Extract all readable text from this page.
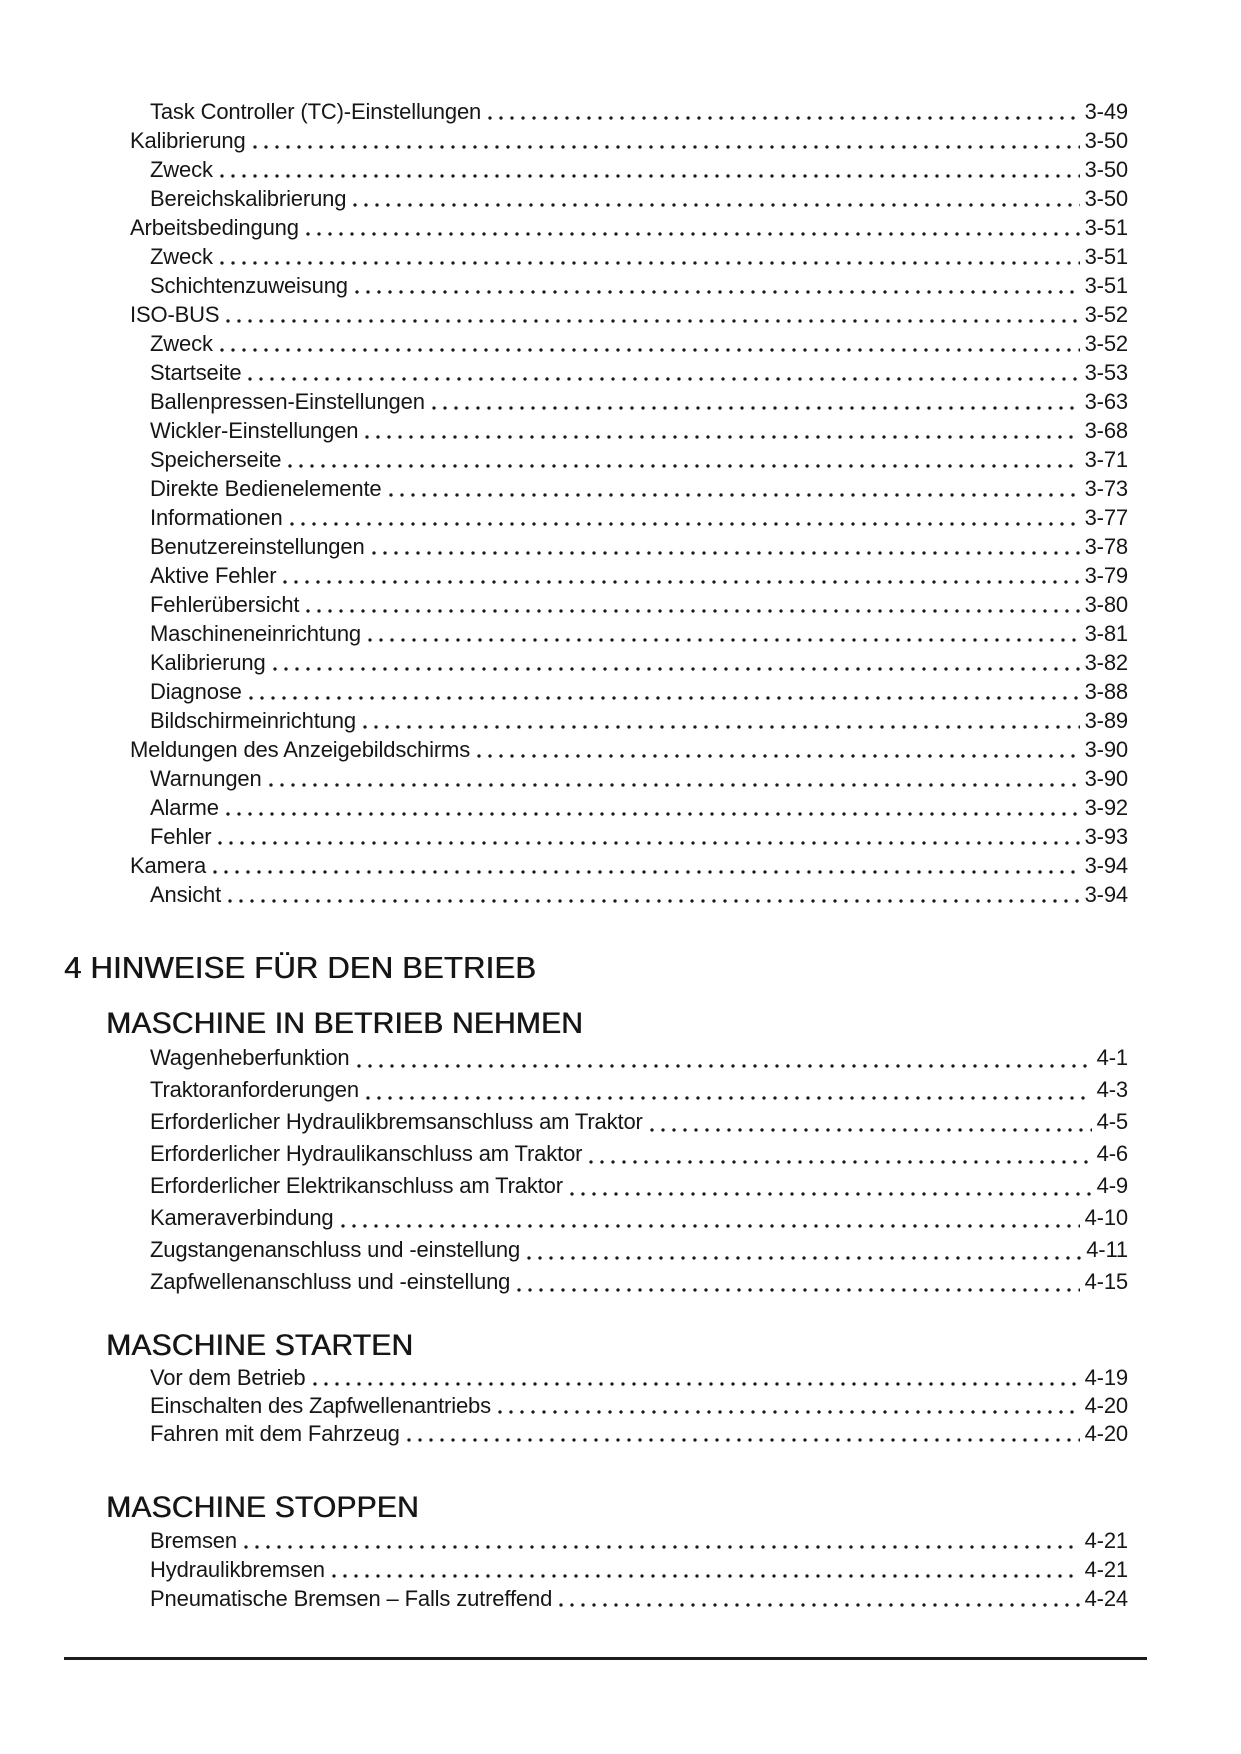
Task Controller (TC)-Einstellungen	3-49
Kalibrierung	3-50
Zweck	3-50
Bereichskalibrierung	3-50
Arbeitsbedingung	3-51
Zweck	3-51
Schichtenzuweisung	3-51
ISO-BUS	3-52
Zweck	3-52
Startseite	3-53
Ballenpressen-Einstellungen	3-63
Wickler-Einstellungen	3-68
Speicherseite	3-71
Direkte Bedienelemente	3-73
Informationen	3-77
Benutzereinstellungen	3-78
Aktive Fehler	3-79
Fehlerübersicht	3-80
Maschineneinrichtung	3-81
Kalibrierung	3-82
Diagnose	3-88
Bildschirmeinrichtung	3-89
Meldungen des Anzeigebildschirms	3-90
Warnungen	3-90
Alarme	3-92
Fehler	3-93
Kamera	3-94
Ansicht	3-94
4 HINWEISE FÜR DEN BETRIEB
MASCHINE IN BETRIEB NEHMEN
Wagenheberfunktion	4-1
Traktoranforderungen	4-3
Erforderlicher Hydraulikbremsanschluss am Traktor	4-5
Erforderlicher Hydraulikanschluss am Traktor	4-6
Erforderlicher Elektrikanschluss am Traktor	4-9
Kameraverbindung	4-10
Zugstangenanschluss und -einstellung	4-11
Zapfwellenanschluss und -einstellung	4-15
MASCHINE STARTEN
Vor dem Betrieb	4-19
Einschalten des Zapfwellenantriebs	4-20
Fahren mit dem Fahrzeug	4-20
MASCHINE STOPPEN
Bremsen	4-21
Hydraulikbremsen	4-21
Pneumatische Bremsen – Falls zutreffend	4-24
